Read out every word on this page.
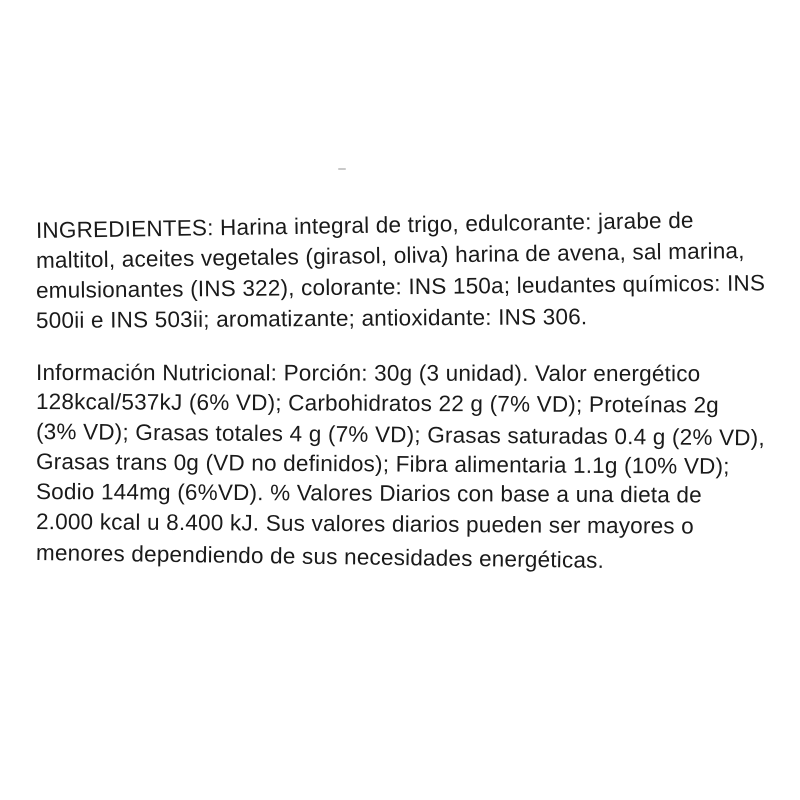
INGREDIENTES: Harina integral de trigo, edulcorante: jarabe de
maltitol, aceites vegetales (girasol, oliva) harina de avena, sal marina,
emulsionantes (INS 322), colorante: INS 150a; leudantes químicos: INS
500ii e INS 503ii; aromatizante; antioxidante: INS 306.
Información Nutricional: Porción: 30g (3 unidad). Valor energético
128kcal/537kJ (6% VD); Carbohidratos 22 g (7% VD); Proteínas 2g
(3% VD); Grasas totales 4 g (7% VD); Grasas saturadas 0.4 g (2% VD),
Grasas trans 0g (VD no definidos); Fibra alimentaria 1.1g (10% VD);
Sodio 144mg (6%VD). % Valores Diarios con base a una dieta de
2.000 kcal u 8.400 kJ. Sus valores diarios pueden ser mayores o
menores dependiendo de sus necesidades energéticas.
